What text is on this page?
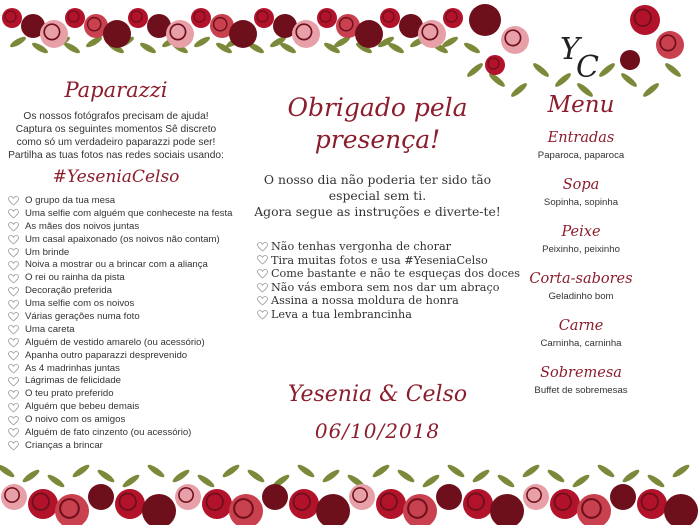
Paparazzi

Os nossos fotógrafos precisam de ajuda! Captura os seguintes momentos Sê discreto como só um verdadeiro paparazzi pode ser! Partilha as tuas fotos nas redes sociais usando:

#YeseniaCelso
O grupo da tua mesa
Uma selfie com alguém que conheceste na festa
As mães dos noivos juntas
Um casal apaixonado (os noivos não contam)
Um brinde
Noiva a mostrar ou a brincar com a aliança
O rei ou rainha da pista
Decoração preferida
Uma selfie com os noivos
Várias gerações numa foto
Uma careta
Alguém de vestido amarelo (ou acessório)
Apanha outro paparazzi desprevenido
As 4 madrinhas juntas
Lágrimas de felicidade
O teu prato preferido
Alguém que bebeu demais
O noivo com os amigos
Alguém de fato cinzento (ou acessório)
Crianças a brincar
Obrigado pela
presença!
O nosso dia não poderia ter sido tão
especial sem ti.
Agora segue as instruções e diverte-te!
Não tenhas vergonha de chorar
Tira muitas fotos e usa #YeseniaCelso
Come bastante e não te esqueças dos doces
Não vás embora sem nos dar um abraço
Assina a nossa moldura de honra
Leva a tua lembrancinha
Yesenia & Celso
06/10/2018
Y
C
Menu
Entradas
Paparoca, paparoca
Sopa
Sopinha, sopinha
Peixe
Peixinho, peixinho
Corta-sabores
Geladinho bom
Carne
Carninha, carninha
Sobremesa
Buffet de sobremesas
